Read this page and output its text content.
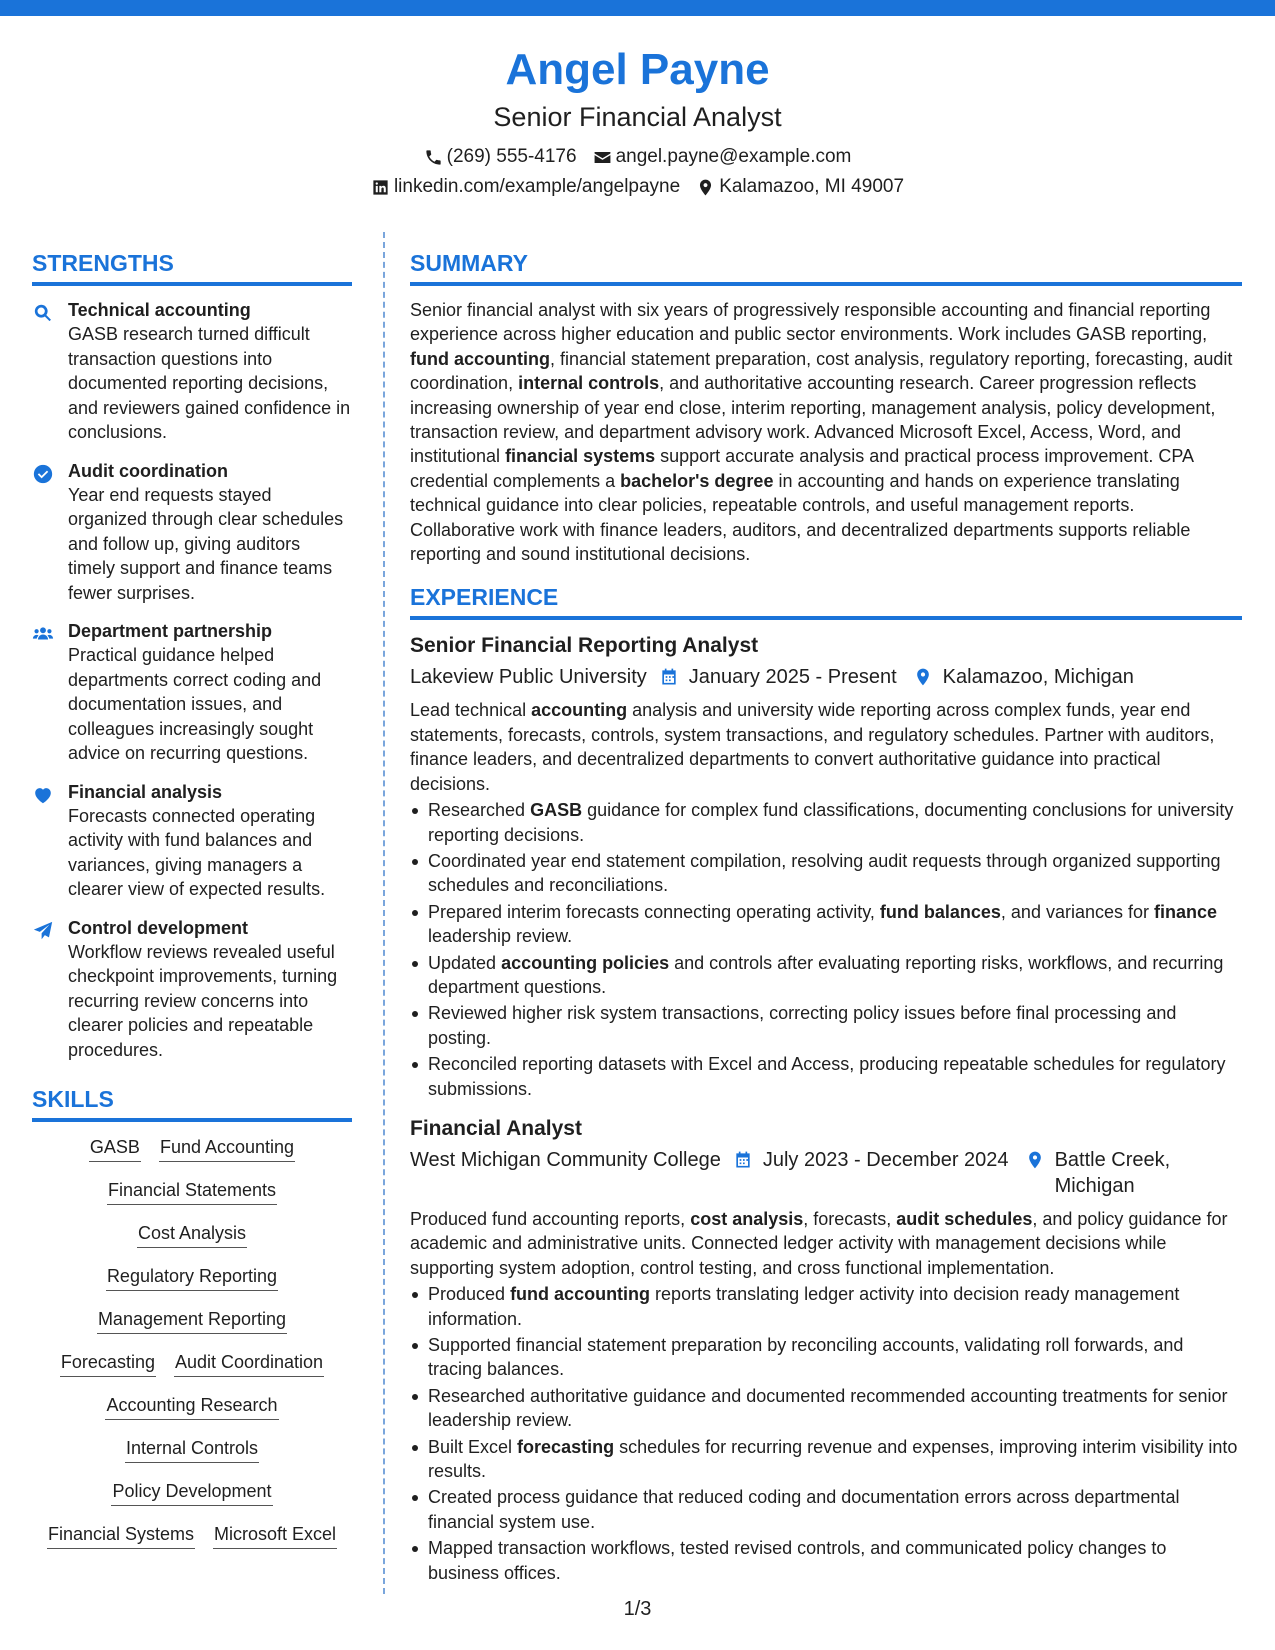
Angel Payne
Senior Financial Analyst
(269) 555-4176 angel.payne@example.com
linkedin.com/example/angelpayne Kalamazoo, MI 49007
STRENGTHS
Technical accounting
GASB research turned difficult transaction questions into documented reporting decisions, and reviewers gained confidence in conclusions.
Audit coordination
Year end requests stayed organized through clear schedules and follow up, giving auditors timely support and finance teams fewer surprises.
Department partnership
Practical guidance helped departments correct coding and documentation issues, and colleagues increasingly sought advice on recurring questions.
Financial analysis
Forecasts connected operating activity with fund balances and variances, giving managers a clearer view of expected results.
Control development
Workflow reviews revealed useful checkpoint improvements, turning recurring review concerns into clearer policies and repeatable procedures.
SKILLS
GASB Fund Accounting
Financial Statements
Cost Analysis
Regulatory Reporting
Management Reporting
Forecasting Audit Coordination
Accounting Research
Internal Controls
Policy Development
Financial Systems Microsoft Excel
SUMMARY

Senior financial analyst with six years of progressively responsible accounting and financial reporting experience across higher education and public sector environments. Work includes GASB reporting, fund accounting, financial statement preparation, cost analysis, regulatory reporting, forecasting, audit coordination, internal controls, and authoritative accounting research. Career progression reflects increasing ownership of year end close, interim reporting, management analysis, policy development, transaction review, and department advisory work. Advanced Microsoft Excel, Access, Word, and institutional financial systems support accurate analysis and practical process improvement. CPA credential complements a bachelor's degree in accounting and hands on experience translating technical guidance into clear policies, repeatable controls, and useful management reports. Collaborative work with finance leaders, auditors, and decentralized departments supports reliable reporting and sound institutional decisions.

EXPERIENCE
Senior Financial Reporting Analyst
Lakeview Public University January 2025 - Present Kalamazoo, Michigan

Lead technical accounting analysis and university wide reporting across complex funds, year end statements, forecasts, controls, system transactions, and regulatory schedules. Partner with auditors, finance leaders, and decentralized departments to convert authoritative guidance into practical decisions.

Researched GASB guidance for complex fund classifications, documenting conclusions for university reporting decisions.
Coordinated year end statement compilation, resolving audit requests through organized supporting schedules and reconciliations.
Prepared interim forecasts connecting operating activity, fund balances, and variances for finance leadership review.
Updated accounting policies and controls after evaluating reporting risks, workflows, and recurring department questions.
Reviewed higher risk system transactions, correcting policy issues before final processing and posting.
Reconciled reporting datasets with Excel and Access, producing repeatable schedules for regulatory submissions.
Financial Analyst
West Michigan Community College July 2023 - December 2024 Battle Creek, Michigan

Produced fund accounting reports, cost analysis, forecasts, audit schedules, and policy guidance for academic and administrative units. Connected ledger activity with management decisions while supporting system adoption, control testing, and cross functional implementation.

Produced fund accounting reports translating ledger activity into decision ready management information.
Supported financial statement preparation by reconciling accounts, validating roll forwards, and tracing balances.
Researched authoritative guidance and documented recommended accounting treatments for senior leadership review.
Built Excel forecasting schedules for recurring revenue and expenses, improving interim visibility into results.
Created process guidance that reduced coding and documentation errors across departmental financial system use.
Mapped transaction workflows, tested revised controls, and communicated policy changes to business offices.
1/3
